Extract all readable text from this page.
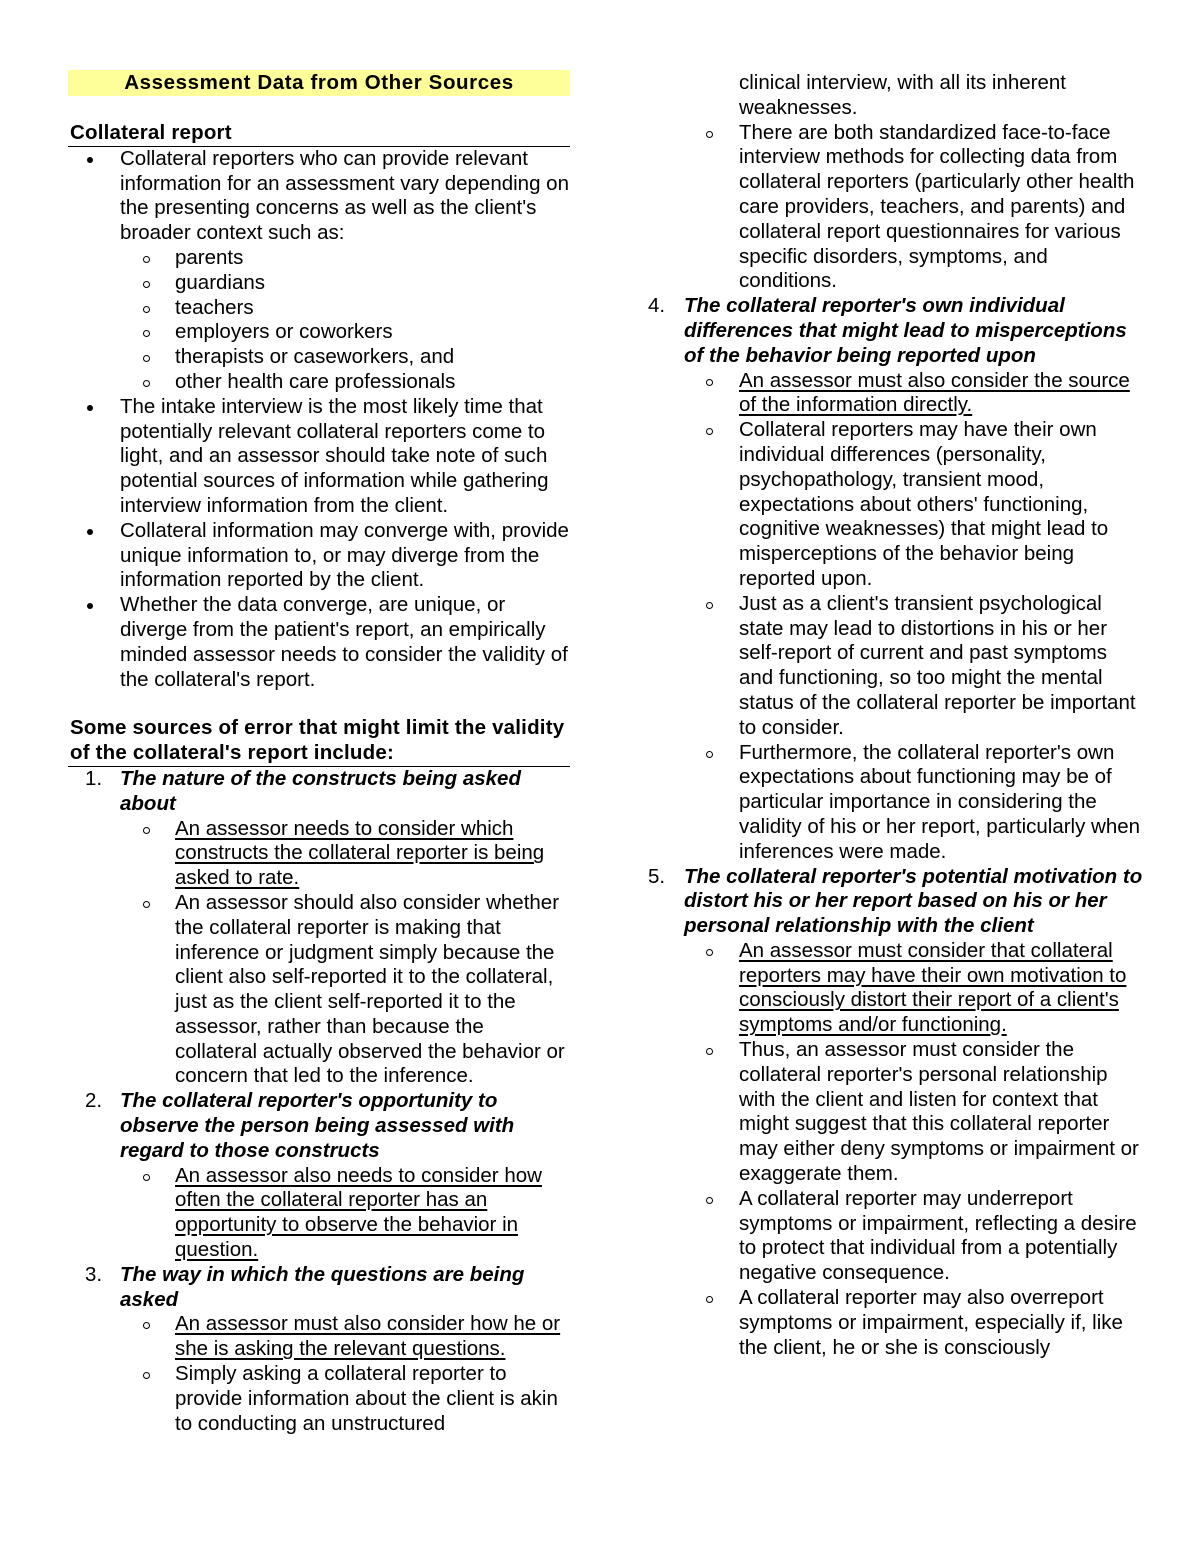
Assessment Data from Other Sources
Collateral report
Collateral reporters who can provide relevant information for an assessment vary depending on the presenting concerns as well as the client's broader context such as:
parents
guardians
teachers
employers or coworkers
therapists or caseworkers, and
other health care professionals
The intake interview is the most likely time that potentially relevant collateral reporters come to light, and an assessor should take note of such potential sources of information while gathering interview information from the client.
Collateral information may converge with, provide unique information to, or may diverge from the information reported by the client.
Whether the data converge, are unique, or diverge from the patient's report, an empirically minded assessor needs to consider the validity of the collateral's report.
Some sources of error that might limit the validity of the collateral's report include:
1. The nature of the constructs being asked about
An assessor needs to consider which constructs the collateral reporter is being asked to rate.
An assessor should also consider whether the collateral reporter is making that inference or judgment simply because the client also self-reported it to the collateral, just as the client self-reported it to the assessor, rather than because the collateral actually observed the behavior or concern that led to the inference.
2. The collateral reporter's opportunity to observe the person being assessed with regard to those constructs
An assessor also needs to consider how often the collateral reporter has an opportunity to observe the behavior in question.
3. The way in which the questions are being asked
An assessor must also consider how he or she is asking the relevant questions.
Simply asking a collateral reporter to provide information about the client is akin to conducting an unstructured
clinical interview, with all its inherent weaknesses.
There are both standardized face-to-face interview methods for collecting data from collateral reporters (particularly other health care providers, teachers, and parents) and collateral report questionnaires for various specific disorders, symptoms, and conditions.
4. The collateral reporter's own individual differences that might lead to misperceptions of the behavior being reported upon
An assessor must also consider the source of the information directly.
Collateral reporters may have their own individual differences (personality, psychopathology, transient mood, expectations about others' functioning, cognitive weaknesses) that might lead to misperceptions of the behavior being reported upon.
Just as a client's transient psychological state may lead to distortions in his or her self-report of current and past symptoms and functioning, so too might the mental status of the collateral reporter be important to consider.
Furthermore, the collateral reporter's own expectations about functioning may be of particular importance in considering the validity of his or her report, particularly when inferences were made.
5. The collateral reporter's potential motivation to distort his or her report based on his or her personal relationship with the client
An assessor must consider that collateral reporters may have their own motivation to consciously distort their report of a client's symptoms and/or functioning.
Thus, an assessor must consider the collateral reporter's personal relationship with the client and listen for context that might suggest that this collateral reporter may either deny symptoms or impairment or exaggerate them.
A collateral reporter may underreport symptoms or impairment, reflecting a desire to protect that individual from a potentially negative consequence.
A collateral reporter may also overreport symptoms or impairment, especially if, like the client, he or she is consciously
